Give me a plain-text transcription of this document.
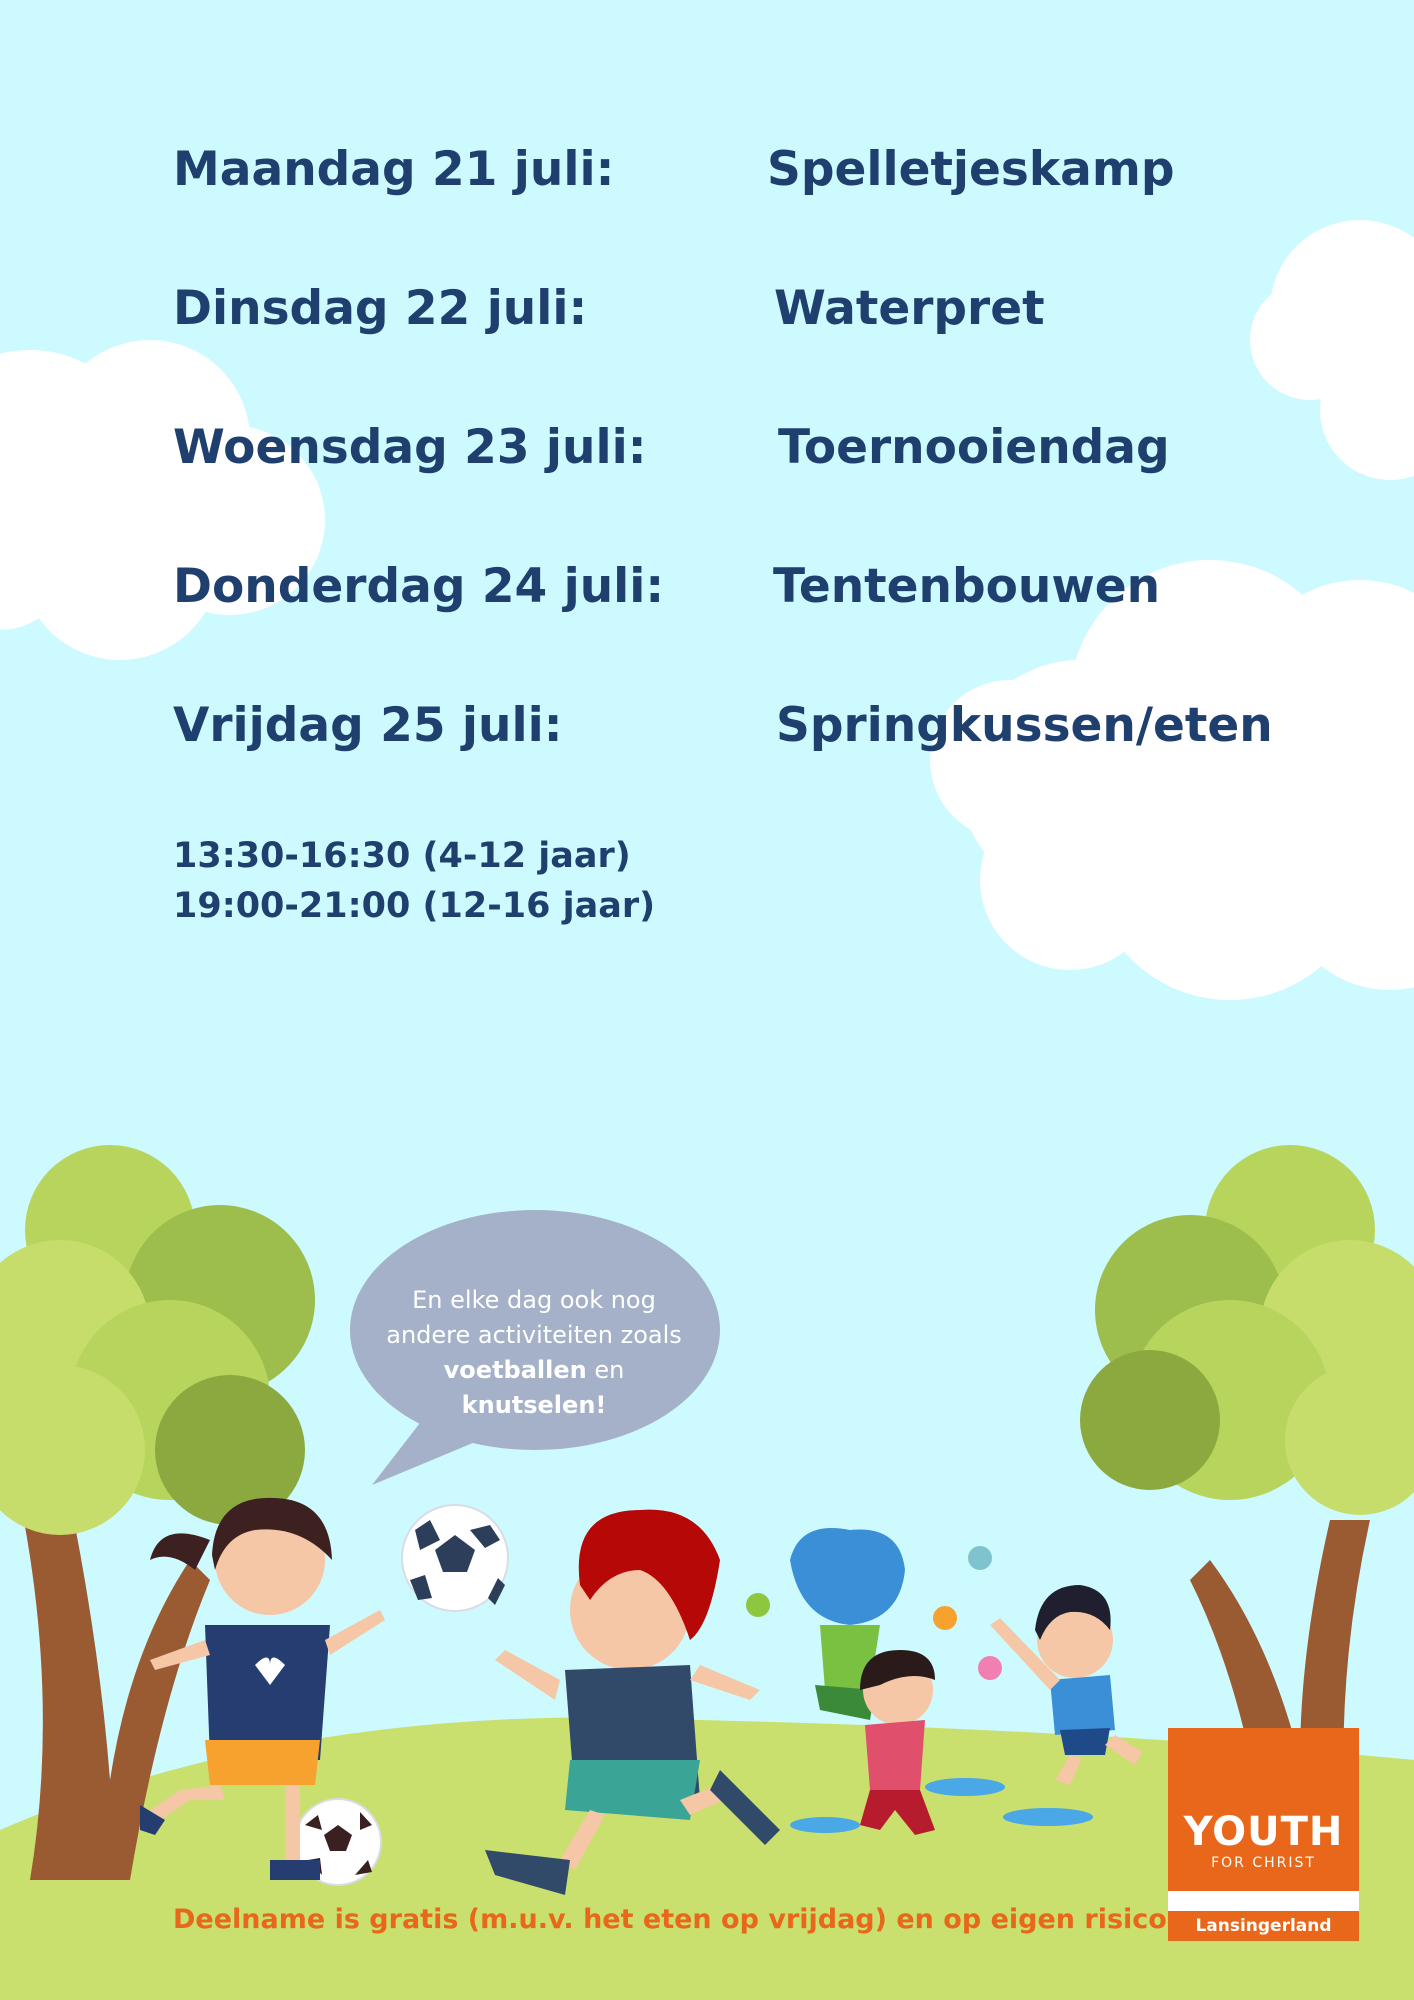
Maandag 21 juli:	Spelletjeskamp
Dinsdag 22 juli:	Waterpret
Woensdag 23 juli:	Toernooiendag
Donderdag 24 juli: Tentenbouwen
Vrijdag 25 juli:	Springkussen/eten
13:30-16:30 (4-12 jaar)
19:00-21:00 (12-16 jaar)
En elke dag ook nog
andere activiteiten zoals
voetballen en knutselen!
Deelname is gratis (m.u.v. het eten op vrijdag) en op eigen risico
YOUTH
FOR CHRIST
Lansingerland
